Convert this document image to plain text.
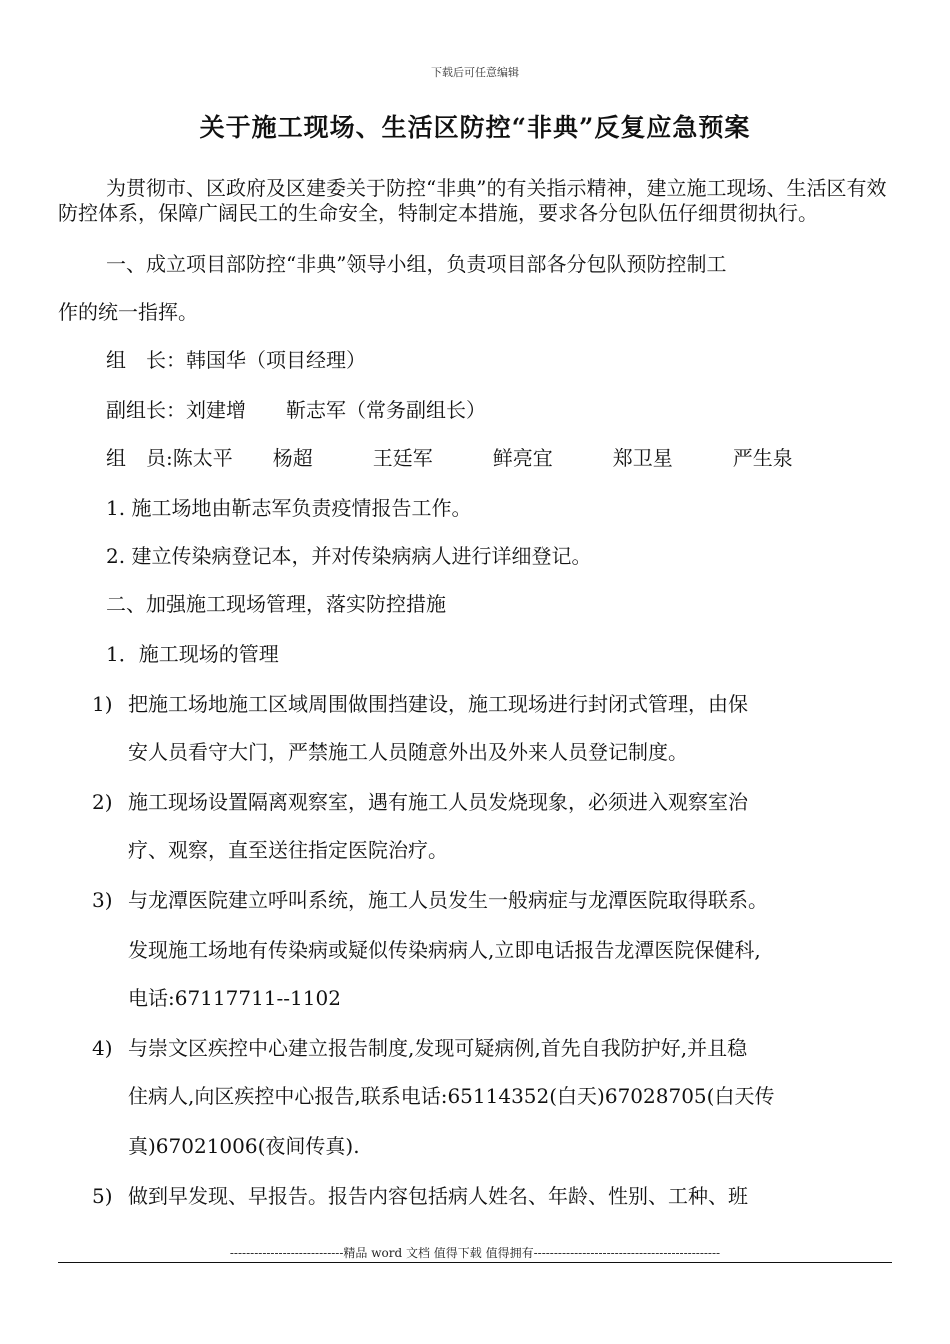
下载后可任意编辑
关于施工现场、生活区防控“非典”反复应急预案

为贯彻市、区政府及区建委关于防控“非典”的有关指示精神，建立施工现场、生活区有效防控体系，保障广阔民工的生命安全，特制定本措施，要求各分包队伍仔细贯彻执行。

一、成立项目部防控“非典”领导小组，负责项目部各分包队预防控制工
作的统一指挥。
组　长：韩国华（项目经理）
副组长：刘建增　　靳志军（常务副组长）
组　员:陈太平　　杨超　　　王廷军　　　鲜亮宜　　　郑卫星　　　严生泉
1. 施工场地由靳志军负责疫情报告工作。
2. 建立传染病登记本，并对传染病病人进行详细登记。
二、加强施工现场管理，落实防控措施
1．施工现场的管理
1) 把施工场地施工区域周围做围挡建设，施工现场进行封闭式管理，由保
安人员看守大门，严禁施工人员随意外出及外来人员登记制度。
2) 施工现场设置隔离观察室，遇有施工人员发烧现象，必须进入观察室治
疗、观察，直至送往指定医院治疗。
3) 与龙潭医院建立呼叫系统，施工人员发生一般病症与龙潭医院取得联系。
发现施工场地有传染病或疑似传染病病人,立即电话报告龙潭医院保健科,
电话:67117711--1102
4) 与崇文区疾控中心建立报告制度,发现可疑病例,首先自我防护好,并且稳
住病人,向区疾控中心报告,联系电话:65114352(白天)67028705(白天传
真)67021006(夜间传真).
5) 做到早发现、早报告。报告内容包括病人姓名、年龄、性别、工种、班
----------------------------精品 word 文档 值得下载 值得拥有----------------------------------------------
